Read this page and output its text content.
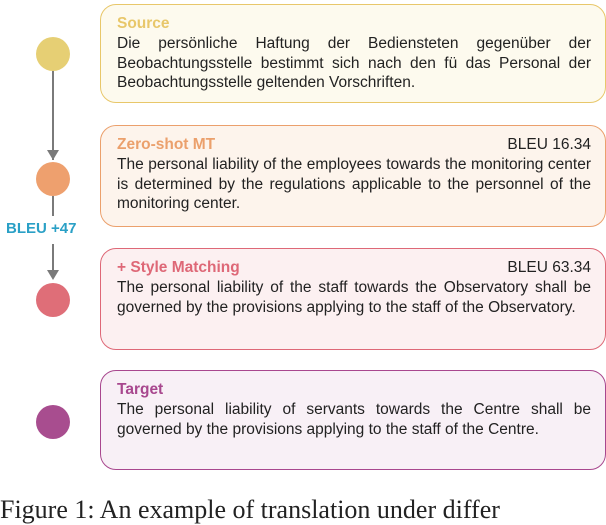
BLEU +47
Source
Die persönliche Haftung der Bediensteten gegenüber der Beobachtungsstelle bestimmt sich nach den fü das Personal der Beobachtungsstelle geltenden Vorschriften.
Zero-shot MT	BLEU 16.34
The personal liability of the employees towards the monitoring center is determined by the regulations applicable to the personnel of the monitoring center.
+ Style Matching	BLEU 63.34
The personal liability of the staff towards the Observatory shall be governed by the provisions applying to the staff of the Observatory.
Target
The personal liability of servants towards the Centre shall be governed by the provisions applying to the staff of the Centre.
Figure 1: An example of translation under differ
